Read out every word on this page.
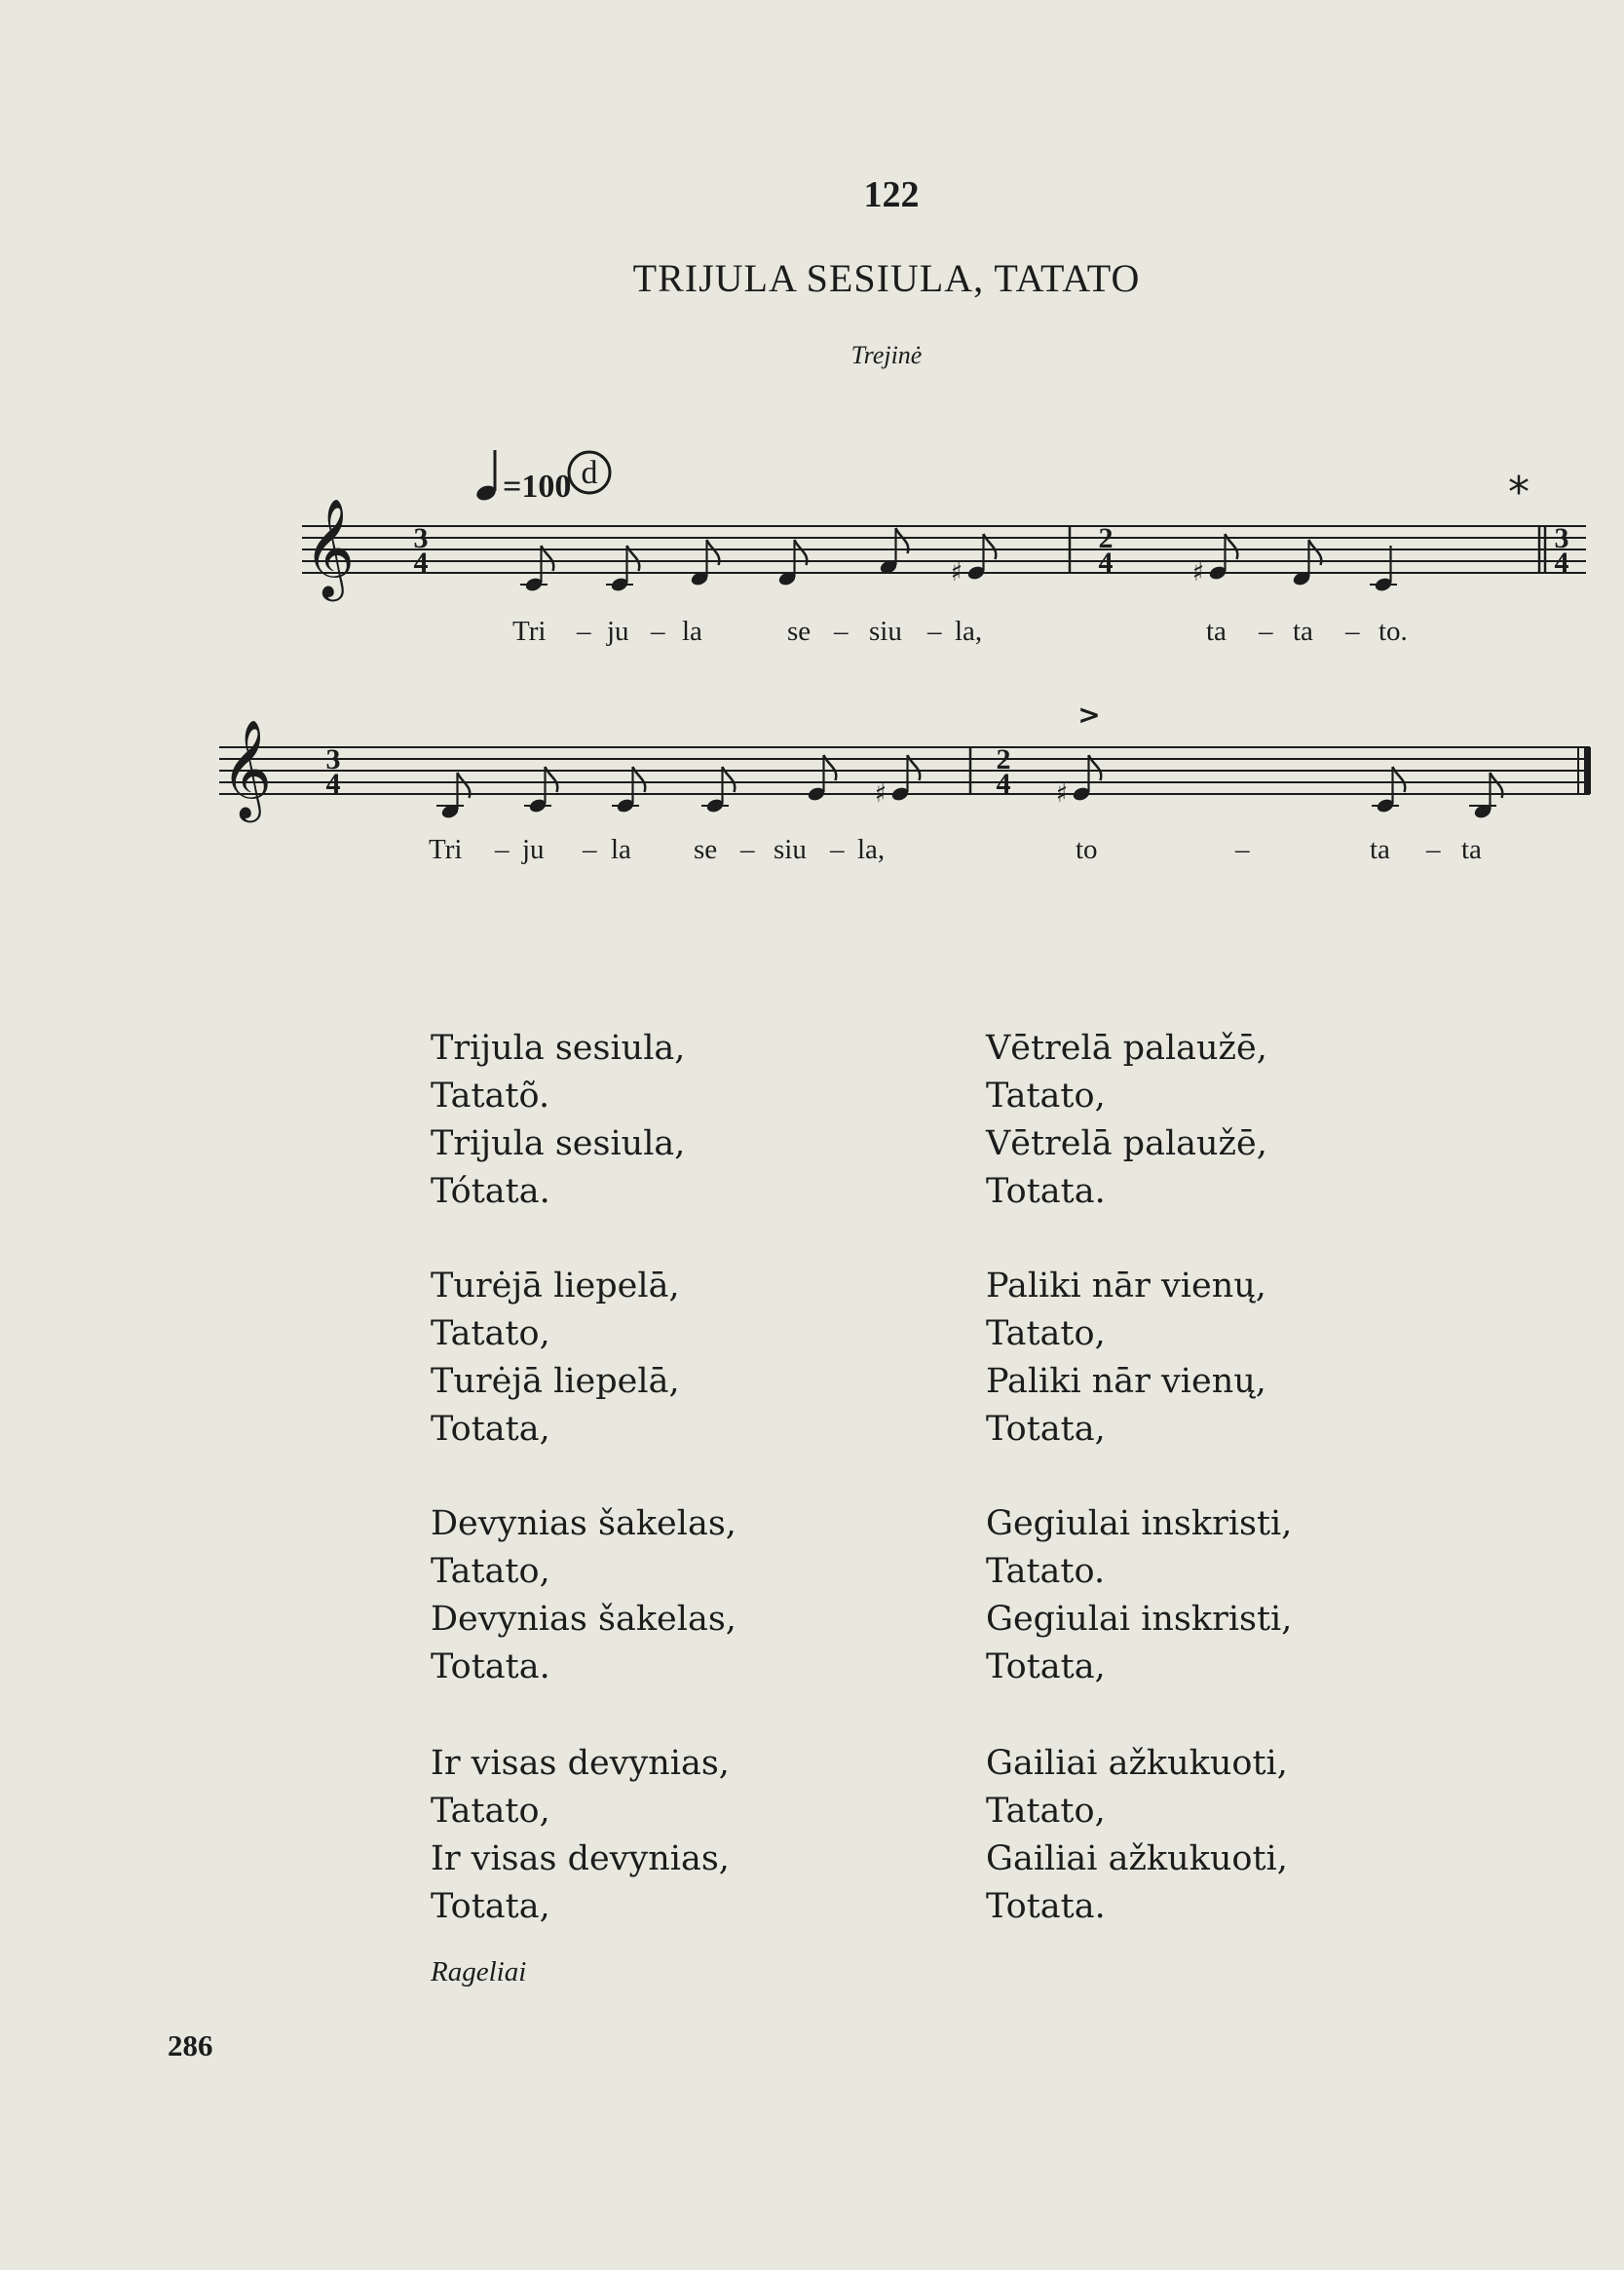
122
TRIJULA SESIULA, TATATO
Trejinė
=100 d	*
𝄞 3
4
2
4
3
4
♯	♯
𝄞 3
4
2
4
♯	♯
>
Tri – ju – la	se – siu – la,	ta – ta – to.
Tri – ju – la se – siu – la,	to	–	ta – ta
Trijula sesiula,
Tatatõ.
Trijula sesiula,
Tótata.
Turėjā liepelā,
Tatato,
Turėjā liepelā,
Totata,
Devynias šakelas,
Tatato,
Devynias šakelas,
Totata.
Ir visas devynias,
Tatato,
Ir visas devynias,
Totata,
Vētrelā palaužē,
Tatato,
Vētrelā palaužē,
Totata.
Paliki nār vienų,
Tatato,
Paliki nār vienų,
Totata,
Gegiulai inskristi,
Tatato.
Gegiulai inskristi,
Totata,
Gailiai ažkukuoti,
Tatato,
Gailiai ažkukuoti,
Totata.
Rageliai
286
